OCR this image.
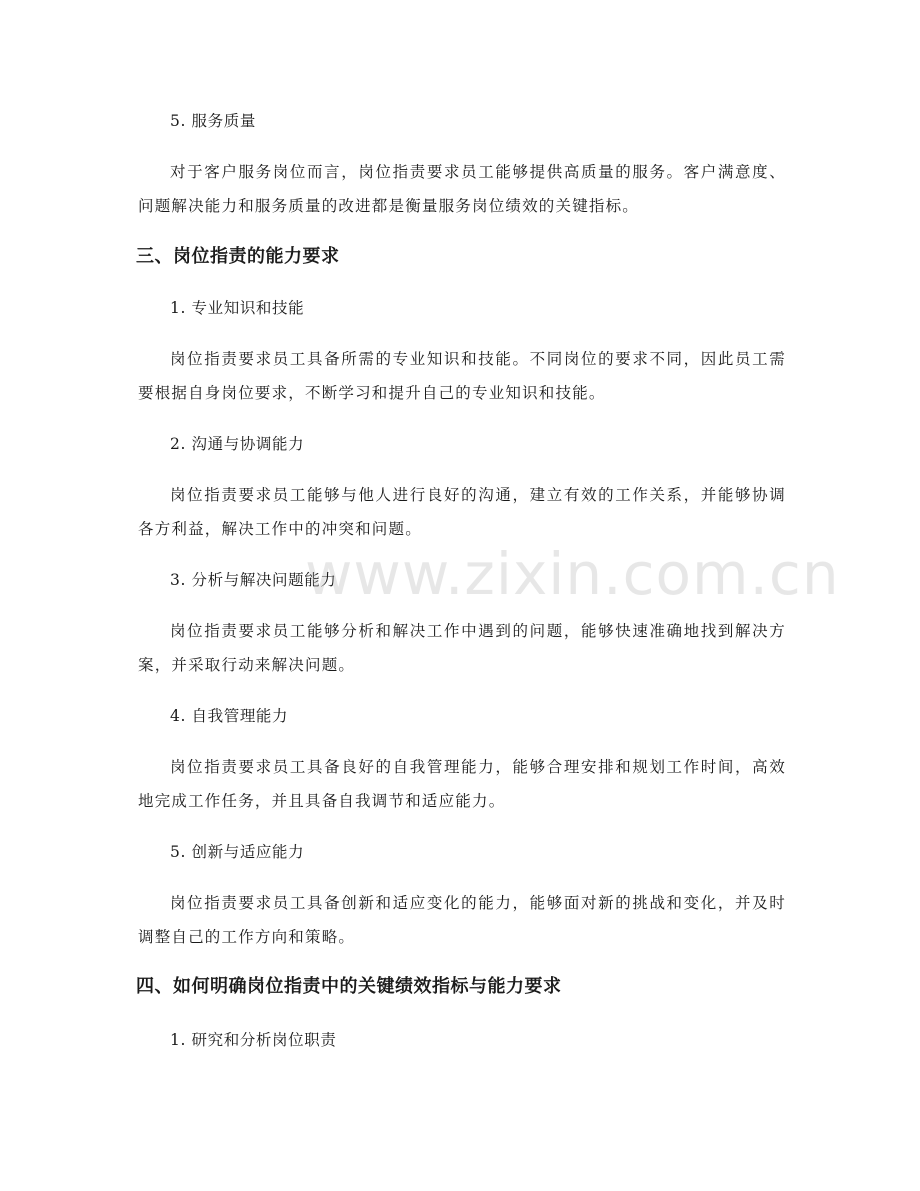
5. 服务质量

对于客户服务岗位而言，岗位指责要求员工能够提供高质量的服务。客户满意度、问题解决能力和服务质量的改进都是衡量服务岗位绩效的关键指标。

三、岗位指责的能力要求

1. 专业知识和技能

岗位指责要求员工具备所需的专业知识和技能。不同岗位的要求不同，因此员工需要根据自身岗位要求，不断学习和提升自己的专业知识和技能。

2. 沟通与协调能力

岗位指责要求员工能够与他人进行良好的沟通，建立有效的工作关系，并能够协调各方利益，解决工作中的冲突和问题。

3. 分析与解决问题能力

岗位指责要求员工能够分析和解决工作中遇到的问题，能够快速准确地找到解决方案，并采取行动来解决问题。

4. 自我管理能力

岗位指责要求员工具备良好的自我管理能力，能够合理安排和规划工作时间，高效地完成工作任务，并且具备自我调节和适应能力。

5. 创新与适应能力

岗位指责要求员工具备创新和适应变化的能力，能够面对新的挑战和变化，并及时调整自己的工作方向和策略。

四、如何明确岗位指责中的关键绩效指标与能力要求

1. 研究和分析岗位职责

www.zixin.com.cn
